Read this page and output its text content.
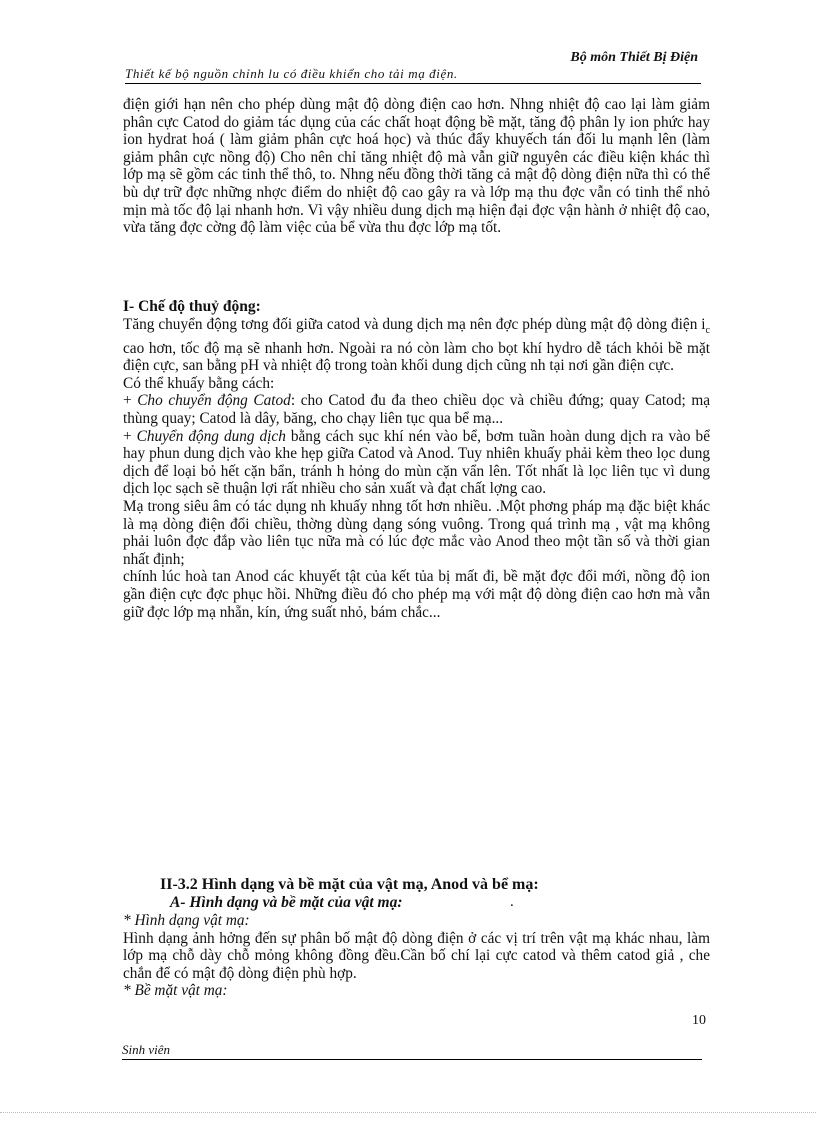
Bộ môn Thiết Bị Điện
Thiết kế bộ nguồn chỉnh lu có điều khiển cho tải mạ điện.

điện giới hạn nên cho phép dùng mật độ dòng điện cao hơn. Nhng nhiệt độ cao lại làm giảm phân cực Catod do giảm tác dụng của các chất hoạt động bề mặt, tăng độ phân ly ion phức hay ion hydrat hoá ( làm giảm phân cực hoá học) và thúc đẩy khuyếch tán đối lu mạnh lên (làm giảm phân cực nồng độ) Cho nên chỉ tăng nhiệt độ mà vẫn giữ nguyên các điều kiện khác thì lớp mạ sẽ gồm các tinh thể thô, to. Nhng nếu đồng thời tăng cả mật độ dòng điện nữa thì có thể bù dự trữ đợc những nhợc điểm do nhiệt độ cao gây ra và lớp mạ thu đợc vẫn có tinh thể nhỏ mịn mà tốc độ lại nhanh hơn. Vì vậy nhiều dung dịch mạ hiện đại đợc vận hành ở nhiệt độ cao, vừa tăng đợc cờng độ làm việc của bể vừa thu đợc lớp mạ tốt.

I- Chế độ thuỷ động:

Tăng chuyển động tơng đối giữa catod và dung dịch mạ nên đợc phép dùng mật độ dòng điện $i_c$ cao hơn, tốc độ mạ sẽ nhanh hơn. Ngoài ra nó còn làm cho bọt khí hydro dễ tách khỏi bề mặt điện cực, san bằng pH và nhiệt độ trong toàn khối dung dịch cũng nh tại nơi gần điện cực.

Có thể khuấy bằng cách:

+ Cho chuyển động Catod: cho Catod đu đa theo chiều dọc và chiều đứng; quay Catod; mạ thùng quay; Catod là dây, băng, cho chạy liên tục qua bể mạ...

+ Chuyển động dung dịch bằng cách sục khí nén vào bể, bơm tuần hoàn dung dịch ra vào bể hay phun dung dịch vào khe hẹp giữa Catod và Anod. Tuy nhiên khuấy phải kèm theo lọc dung dịch để loại bỏ hết cặn bẩn, tránh h hỏng do mùn cặn vẩn lên. Tốt nhất là lọc liên tục vì dung dịch lọc sạch sẽ thuận lợi rất nhiều cho sản xuất và đạt chất lợng cao.

Mạ trong siêu âm có tác dụng nh khuấy nhng tốt hơn nhiều. .Một phơng pháp mạ đặc biệt khác là mạ dòng điện đổi chiều, thờng dùng dạng sóng vuông. Trong quá trình mạ , vật mạ không phải luôn đợc đắp vào liên tục nữa mà có lúc đợc mắc vào Anod theo một tần số và thời gian nhất định;

chính lúc hoà tan Anod các khuyết tật của kết tủa bị mất đi, bề mặt đợc đổi mới, nồng độ ion gần điện cực đợc phục hồi. Những điều đó cho phép mạ với mật độ dòng điện cao hơn mà vẫn giữ đợc lớp mạ nhẵn, kín, ứng suất nhỏ, bám chắc...

II-3.2 Hình dạng và bề mặt của vật mạ, Anod và bể mạ:
A- Hình dạng và bề mặt của vật mạ:	.

* Hình dạng vật mạ:

Hình dạng ảnh hởng đến sự phân bố mật độ dòng điện ở các vị trí trên vật mạ khác nhau, làm lớp mạ chỗ dày chỗ mỏng không đồng đều.Cần bố chí lại cực catod và thêm catod giả , che chắn để có mật độ dòng điện phù hợp.

* Bề mặt vật mạ:

10
Sinh viên
